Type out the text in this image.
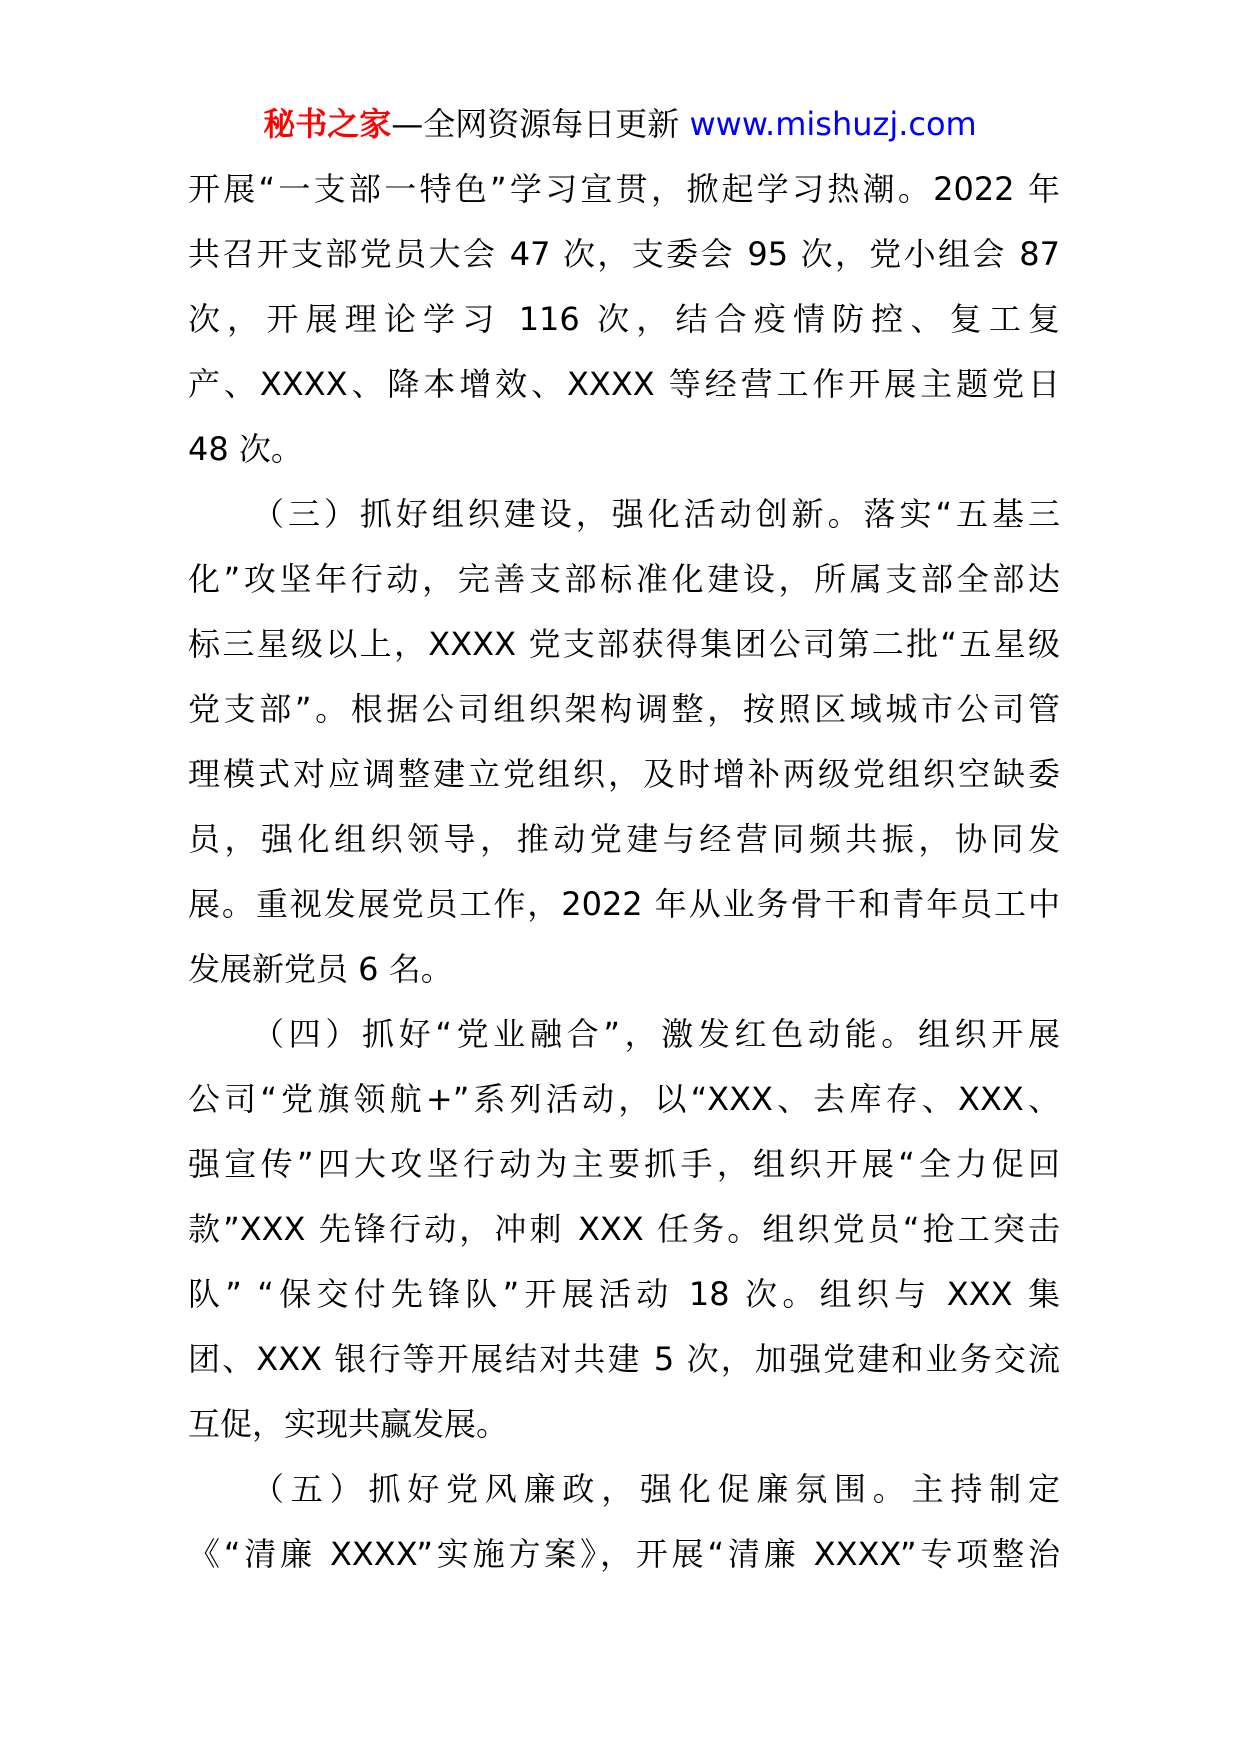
秘书之家—全网资源每日更新 www.mishuzj.com
开展“一支部一特色”学习宣贯，掀起学习热潮。2022 年
共召开支部党员大会 47 次，支委会 95 次，党小组会 87
次，开展理论学习 116 次，结合疫情防控、复工复
产、XXXX、降本增效、XXXX 等经营工作开展主题党日
48 次。
（三）抓好组织建设，强化活动创新。落实“五基三
化”攻坚年行动，完善支部标准化建设，所属支部全部达
标三星级以上，XXXX 党支部获得集团公司第二批“五星级
党支部”。根据公司组织架构调整，按照区域城市公司管
理模式对应调整建立党组织，及时增补两级党组织空缺委
员，强化组织领导，推动党建与经营同频共振，协同发
展。重视发展党员工作，2022 年从业务骨干和青年员工中
发展新党员 6 名。
（四）抓好“党业融合”，激发红色动能。组织开展
公司“党旗领航+”系列活动，以“XXX、去库存、XXX、
强宣传”四大攻坚行动为主要抓手，组织开展“全力促回
款”XXX 先锋行动，冲刺 XXX 任务。组织党员“抢工突击
队” “保交付先锋队”开展活动 18 次。组织与 XXX 集
团、XXX 银行等开展结对共建 5 次，加强党建和业务交流
互促，实现共赢发展。
（五）抓好党风廉政，强化促廉氛围。主持制定
《“清廉 XXXX”实施方案》，开展“清廉 XXXX”专项整治
